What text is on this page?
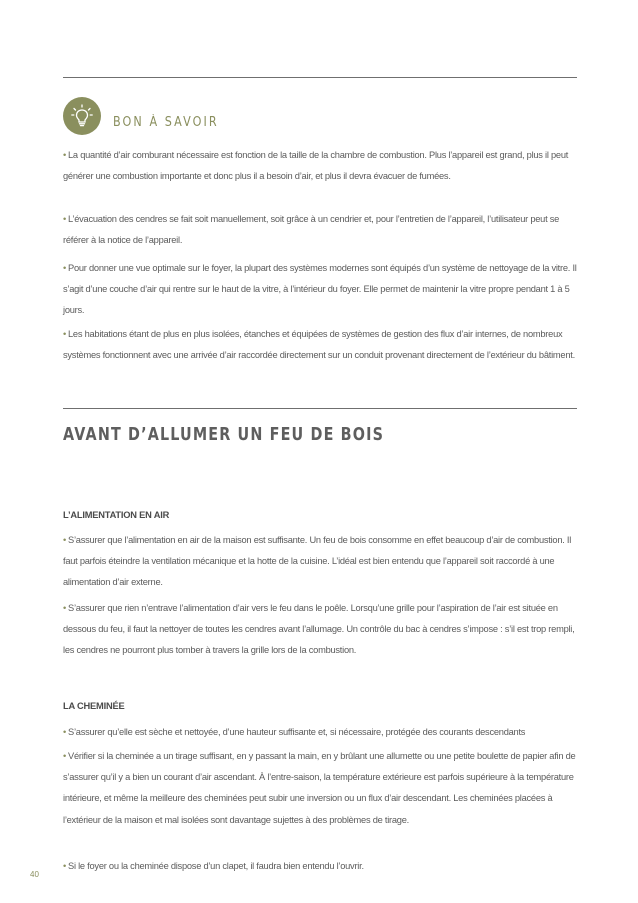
BON À SAVOIR
• La quantité d’air comburant nécessaire est fonction de la taille de la chambre de combustion. Plus l’appareil est grand, plus il peut générer une combustion importante et donc plus il a besoin d’air, et plus il devra évacuer de fumées.
• L’évacuation des cendres se fait soit manuellement, soit grâce à un cendrier et, pour l’entretien de l’appareil, l’utilisateur peut se référer à la notice de l’appareil.
• Pour donner une vue optimale sur le foyer, la plupart des systèmes modernes sont équipés d’un système de nettoyage de la vitre. Il s’agit d’une couche d’air qui rentre sur le haut de la vitre, à l’intérieur du foyer. Elle permet de maintenir la vitre propre pendant 1 à 5 jours.
• Les habitations étant de plus en plus isolées, étanches et équipées de systèmes de gestion des flux d’air internes, de nombreux systèmes fonctionnent avec une arrivée d’air raccordée directement sur un conduit provenant directement de l’extérieur du bâtiment.
AVANT D’ALLUMER UN FEU DE BOIS
L’ALIMENTATION EN AIR
• S’assurer que l’alimentation en air de la maison est suffisante. Un feu de bois consomme en effet beaucoup d’air de combustion. Il faut parfois éteindre la ventilation mécanique et la hotte de la cuisine. L’idéal est bien entendu que l’appareil soit raccordé à une alimentation d’air externe.
• S’assurer que rien n’entrave l’alimentation d’air vers le feu dans le poêle. Lorsqu’une grille pour l’aspiration de l’air est située en dessous du feu, il faut la nettoyer de toutes les cendres avant l’allumage. Un contrôle du bac à cendres s’impose : s’il est trop rempli, les cendres ne pourront plus tomber à travers la grille lors de la combustion.
LA CHEMINÉE
• S’assurer qu’elle est sèche et nettoyée, d’une hauteur suffisante et, si nécessaire, protégée des courants descendants
• Vérifier si la cheminée a un tirage suffisant, en y passant la main, en y brûlant une allumette ou une petite boulette de papier afin de s’assurer qu’il y a bien un courant d’air ascendant. À l’entre-saison, la température extérieure est parfois supérieure à la température intérieure, et même la meilleure des cheminées peut subir une inversion ou un flux d’air descendant. Les cheminées placées à l’extérieur de la maison et mal isolées sont davantage sujettes à des problèmes de tirage.
• Si le foyer ou la cheminée dispose d’un clapet, il faudra bien entendu l’ouvrir.
40
